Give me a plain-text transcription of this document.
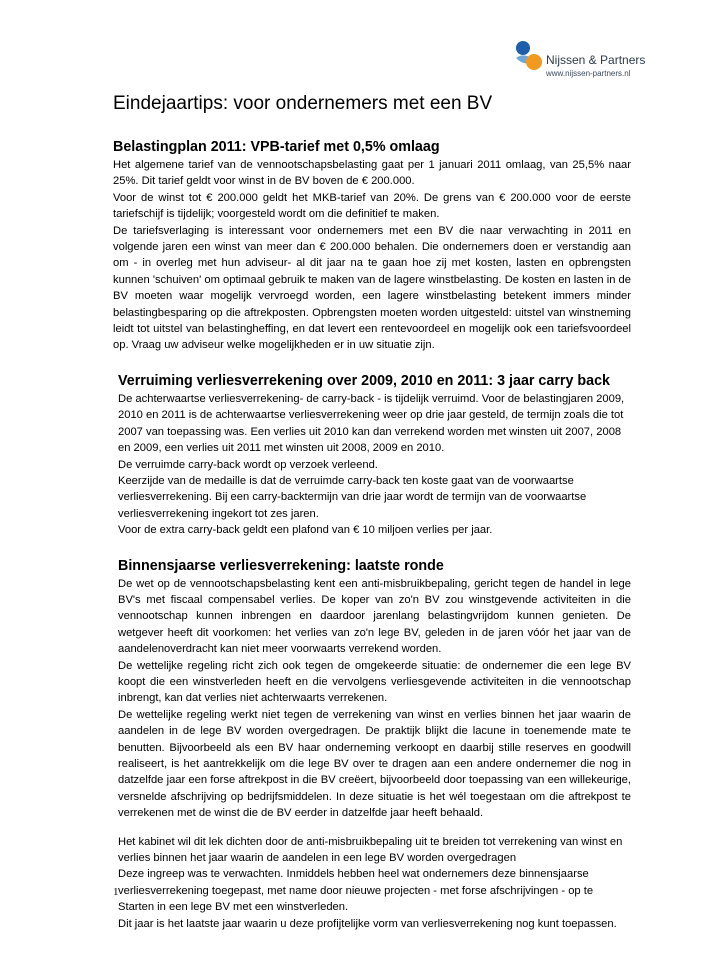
Nijssen & Partners
www.nijssen-partners.nl
Eindejaartips: voor ondernemers met een BV
Belastingplan 2011: VPB-tarief met 0,5% omlaag

Het algemene tarief van de vennootschapsbelasting gaat per 1 januari 2011 omlaag, van 25,5% naar 25%. Dit tarief geldt voor winst in de BV boven de € 200.000.

Voor de winst tot € 200.000 geldt het MKB-tarief van 20%. De grens van € 200.000 voor de eerste tariefschijf is tijdelijk; voorgesteld wordt om die definitief te maken.

De tariefsverlaging is interessant voor ondernemers met een BV die naar verwachting in 2011 en volgende jaren een winst van meer dan € 200.000 behalen. Die ondernemers doen er verstandig aan om - in overleg met hun adviseur- al dit jaar na te gaan hoe zij met kosten, lasten en opbrengsten kunnen 'schuiven' om optimaal gebruik te maken van de lagere winstbelasting. De kosten en lasten in de BV moeten waar mogelijk vervroegd worden, een lagere winstbelasting betekent immers minder belastingbesparing op die aftrekposten. Opbrengsten moeten worden uitgesteld: uitstel van winstneming leidt tot uitstel van belastingheffing, en dat levert een rentevoordeel en mogelijk ook een tariefsvoordeel op. Vraag uw adviseur welke mogelijkheden er in uw situatie zijn.

Verruiming verliesverrekening over 2009, 2010 en 2011: 3 jaar carry back

De achterwaartse verliesverrekening- de carry-back - is tijdelijk verruimd. Voor de belastingjaren 2009, 2010 en 2011 is de achterwaartse verliesverrekening weer op drie jaar gesteld, de termijn zoals die tot 2007 van toepassing was. Een verlies uit 2010 kan dan verrekend worden met winsten uit 2007, 2008 en 2009, een verlies uit 2011 met winsten uit 2008, 2009 en 2010.

De verruimde carry-back wordt op verzoek verleend.

Keerzijde van de medaille is dat de verruimde carry-back ten koste gaat van de voorwaartse verliesverrekening. Bij een carry-backtermijn van drie jaar wordt de termijn van de voorwaartse verliesverrekening ingekort tot zes jaren.

Voor de extra carry-back geldt een plafond van € 10 miljoen verlies per jaar.

Binnensjaarse verliesverrekening: laatste ronde

De wet op de vennootschapsbelasting kent een anti-misbruikbepaling, gericht tegen de handel in lege BV's met fiscaal compensabel verlies. De koper van zo'n BV zou winstgevende activiteiten in die vennootschap kunnen inbrengen en daardoor jarenlang belastingvrijdom kunnen genieten. De wetgever heeft dit voorkomen: het verlies van zo'n lege BV, geleden in de jaren vóór het jaar van de aandelenoverdracht kan niet meer voorwaarts verrekend worden.

De wettelijke regeling richt zich ook tegen de omgekeerde situatie: de ondernemer die een lege BV koopt die een winstverleden heeft en die vervolgens verliesgevende activiteiten in die vennootschap inbrengt, kan dat verlies niet achterwaarts verrekenen.

De wettelijke regeling werkt niet tegen de verrekening van winst en verlies binnen het jaar waarin de aandelen in de lege BV worden overgedragen. De praktijk blijkt die lacune in toenemende mate te benutten. Bijvoorbeeld als een BV haar onderneming verkoopt en daarbij stille reserves en goodwill realiseert, is het aantrekkelijk om die lege BV over te dragen aan een andere ondernemer die nog in datzelfde jaar een forse aftrekpost in die BV creëert, bijvoorbeeld door toepassing van een willekeurige, versnelde afschrijving op bedrijfsmiddelen. In deze situatie is het wél toegestaan om die aftrekpost te verrekenen met de winst die de BV eerder in datzelfde jaar heeft behaald.

Het kabinet wil dit lek dichten door de anti-misbruikbepaling uit te breiden tot verrekening van winst en verlies binnen het jaar waarin de aandelen in een lege BV worden overgedragen

Deze ingreep was te verwachten. Inmiddels hebben heel wat ondernemers deze binnensjaarse verliesverrekening toegepast, met name door nieuwe projecten - met forse afschrijvingen - op te Starten in een lege BV met een winstverleden.

Dit jaar is het laatste jaar waarin u deze profijtelijke vorm van verliesverrekening nog kunt toepassen.

1
